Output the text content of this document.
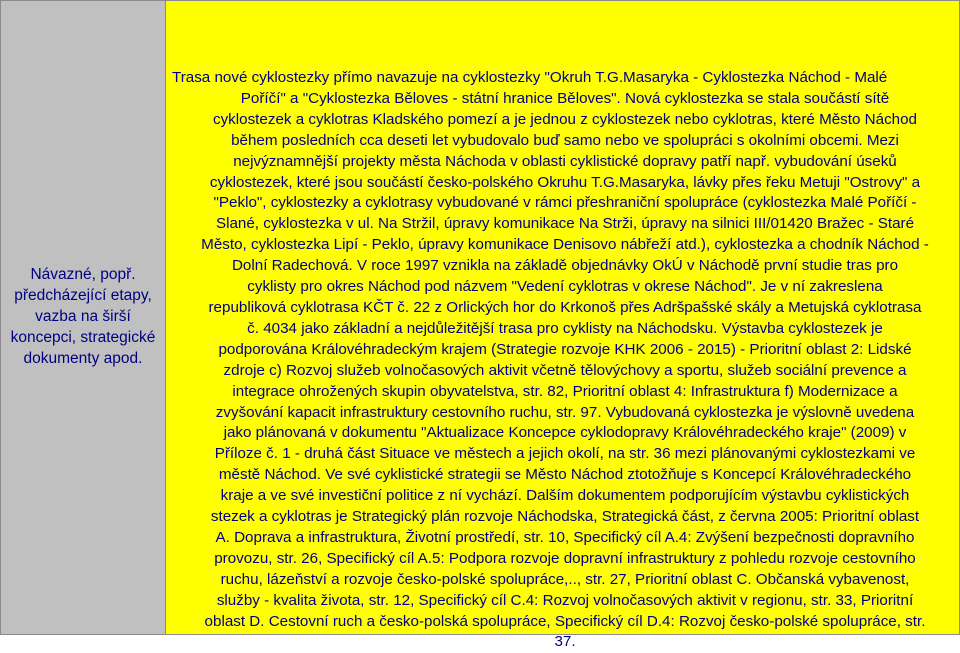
Návazné, popř.
předcházející etapy,
vazba na širší
koncepci, strategické
dokumenty apod.
Trasa nové cyklostezky přímo navazuje na cyklostezky "Okruh T.G.Masaryka - Cyklostezka Náchod - Malé
Poříčí" a "Cyklostezka Běloves - státní hranice Běloves". Nová cyklostezka se stala součástí sítě
cyklostezek a cyklotras Kladského pomezí a je jednou z cyklostezek nebo cyklotras, které Město Náchod
během posledních cca deseti let vybudovalo buď samo nebo ve spolupráci s okolními obcemi. Mezi
nejvýznamnější projekty města Náchoda v oblasti cyklistické dopravy patří např. vybudování úseků
cyklostezek, které jsou součástí česko-polského Okruhu T.G.Masaryka, lávky přes řeku Metuji "Ostrovy" a
"Peklo", cyklostezky a cyklotrasy vybudované v rámci přeshraniční spolupráce (cyklostezka Malé Poříčí -
Slané, cyklostezka v ul. Na Stržil, úpravy komunikace Na Strži, úpravy na silnici III/01420 Bražec - Staré
Město, cyklostezka Lipí - Peklo, úpravy komunikace Denisovo nábřeží atd.), cyklostezka a chodník Náchod -
Dolní Radechová. V roce 1997 vznikla na základě objednávky OkÚ v Náchodě první studie tras pro
cyklisty pro okres Náchod pod názvem "Vedení cyklotras v okrese Náchod". Je v ní zakreslena
republiková cyklotrasa KČT č. 22 z Orlických hor do Krkonoš přes Adršpašské skály a Metujská cyklotrasa
č. 4034 jako základní a nejdůležitější trasa pro cyklisty na Náchodsku. Výstavba cyklostezek je
podporována Královéhradeckým krajem (Strategie rozvoje KHK 2006 - 2015) - Prioritní oblast 2: Lidské
zdroje c) Rozvoj služeb volnočasových aktivit včetně tělovýchovy a sportu, služeb sociální prevence a
integrace ohrožených skupin obyvatelstva, str. 82, Prioritní oblast 4: Infrastruktura f) Modernizace a
zvyšování kapacit infrastruktury cestovního ruchu, str. 97. Vybudovaná cyklostezka je výslovně uvedena
jako plánovaná v dokumentu "Aktualizace Koncepce cyklodopravy Královéhradeckého kraje" (2009) v
Příloze č. 1 - druhá část Situace ve městech a jejich okolí, na str. 36 mezi plánovanými cyklostezkami ve
městě Náchod. Ve své cyklistické strategii se Město Náchod ztotožňuje s Koncepcí Královéhradeckého
kraje a ve své investiční politice z ní vychází. Dalším dokumentem podporujícím výstavbu cyklistických
stezek a cyklotras je Strategický plán rozvoje Náchodska, Strategická část, z června 2005: Prioritní oblast
A. Doprava a infrastruktura, Životní prostředí, str. 10, Specifický cíl A.4: Zvýšení bezpečnosti dopravního
provozu, str. 26, Specifický cíl A.5: Podpora rozvoje dopravní infrastruktury z pohledu rozvoje cestovního
ruchu, lázeňství a rozvoje česko-polské spolupráce,.., str. 27, Prioritní oblast C. Občanská vybavenost,
služby - kvalita života, str. 12, Specifický cíl C.4: Rozvoj volnočasových aktivit v regionu, str. 33, Prioritní
oblast D. Cestovní ruch a česko-polská spolupráce, Specifický cíl D.4: Rozvoj česko-polské spolupráce, str.
37.
